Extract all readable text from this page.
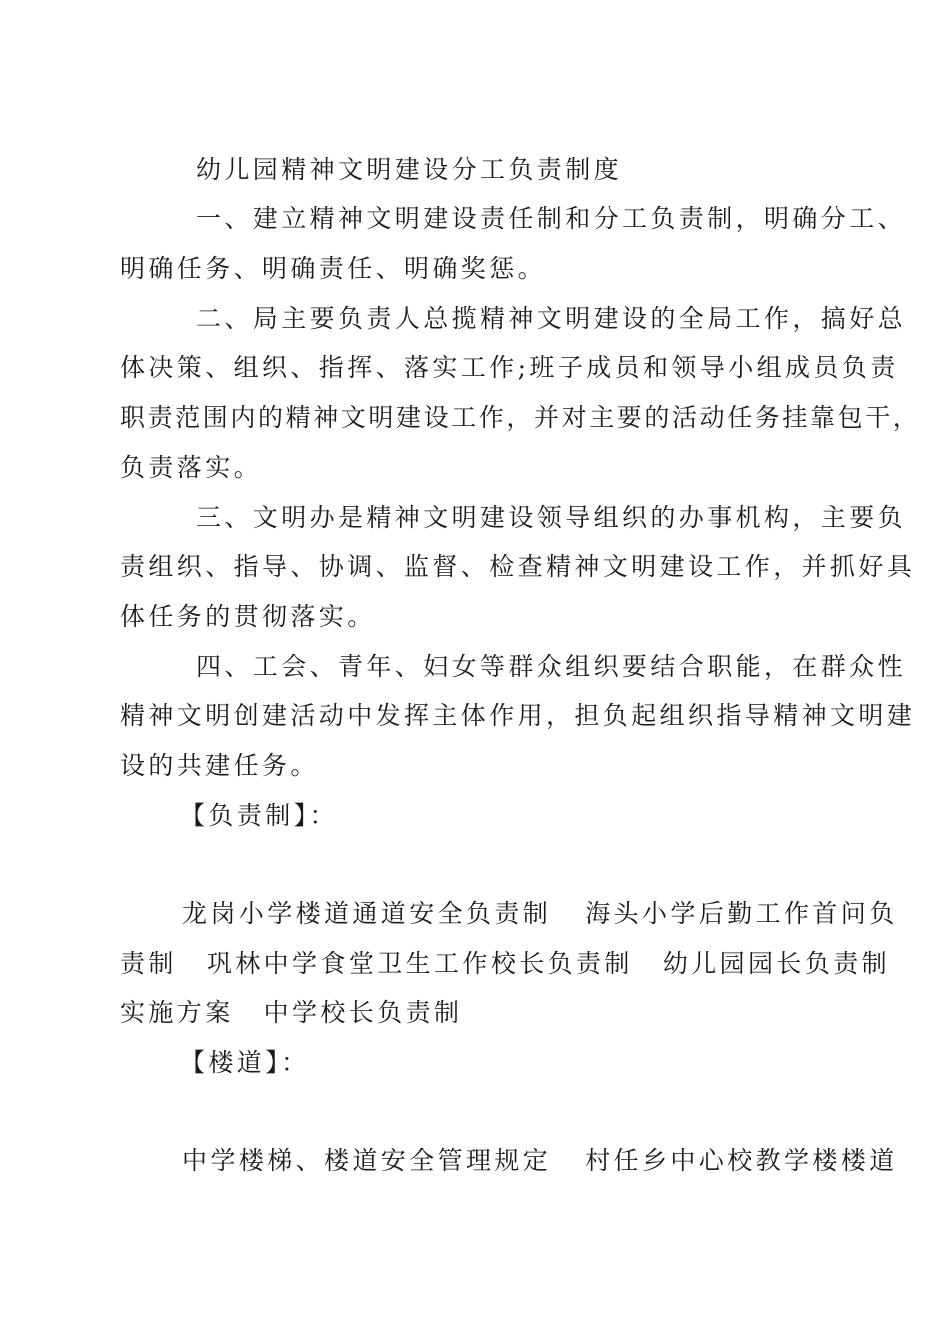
幼儿园精神文明建设分工负责制度
一、建立精神文明建设责任制和分工负责制，明确分工、
明确任务、明确责任、明确奖惩。
二、局主要负责人总揽精神文明建设的全局工作，搞好总
体决策、组织、指挥、落实工作;班子成员和领导小组成员负责
职责范围内的精神文明建设工作，并对主要的活动任务挂靠包干，
负责落实。
三、文明办是精神文明建设领导组织的办事机构，主要负
责组织、指导、协调、监督、检查精神文明建设工作，并抓好具
体任务的贯彻落实。
四、工会、青年、妇女等群众组织要结合职能，在群众性
精神文明创建活动中发挥主体作用，担负起组织指导精神文明建
设的共建任务。
【负责制】：
龙岗小学楼道通道安全负责制 海头小学后勤工作首问负
责制 巩林中学食堂卫生工作校长负责制 幼儿园园长负责制
实施方案 中学校长负责制
【楼道】：
中学楼梯、楼道安全管理规定 村任乡中心校教学楼楼道
